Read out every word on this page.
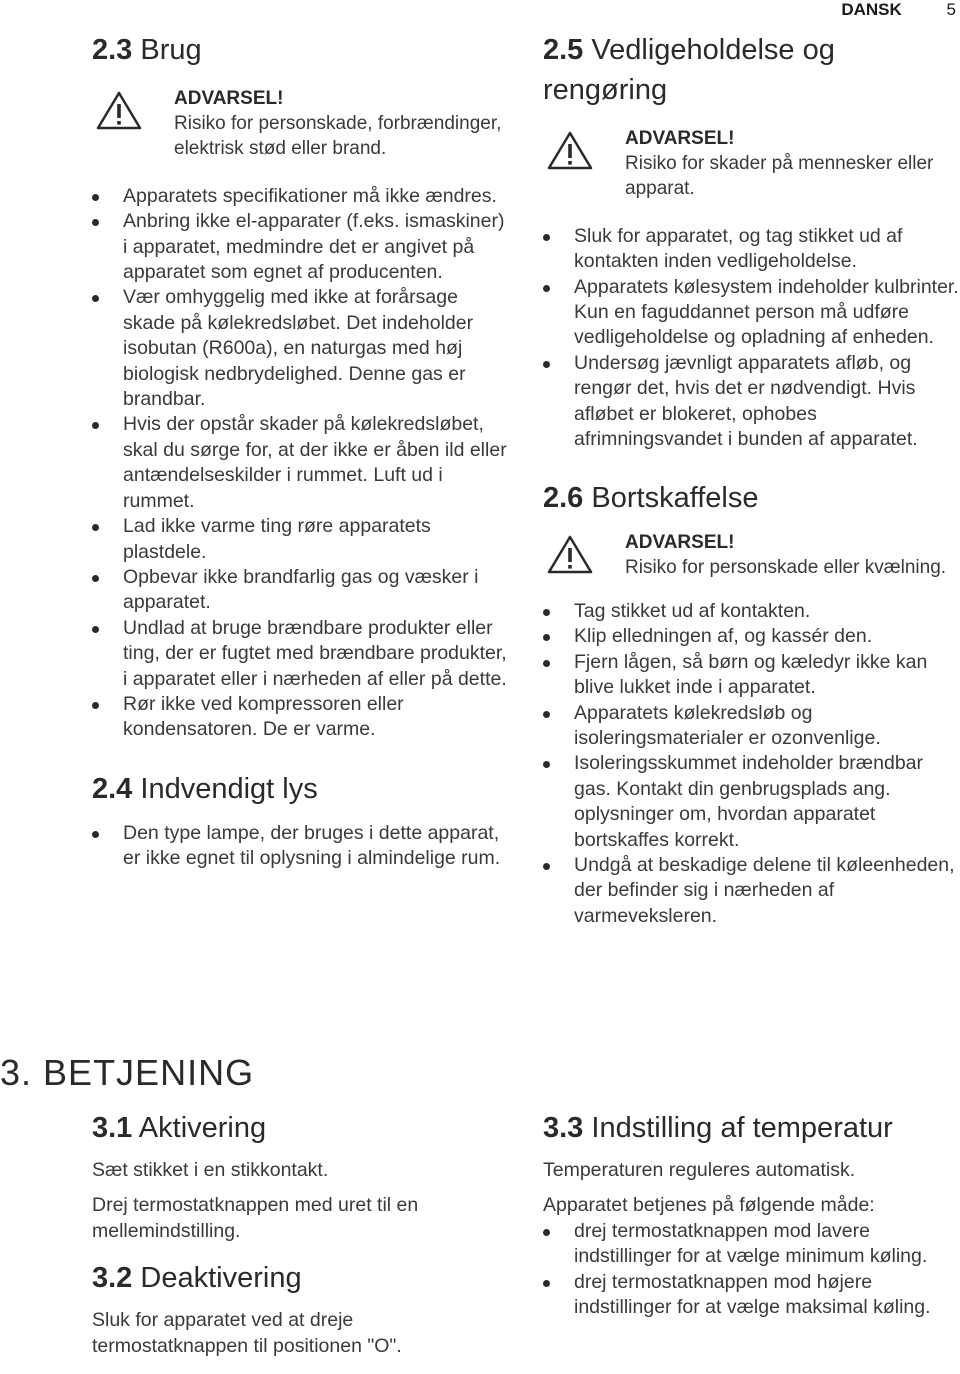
DANSK	5
2.3 Brug
ADVARSEL!
Risiko for personskade, forbrændinger, elektrisk stød eller brand.
Apparatets specifikationer må ikke ændres.
Anbring ikke el-apparater (f.eks. ismaskiner) i apparatet, medmindre det er angivet på apparatet som egnet af producenten.
Vær omhyggelig med ikke at forårsage skade på kølekredsløbet. Det indeholder isobutan (R600a), en naturgas med høj biologisk nedbrydelighed. Denne gas er brandbar.
Hvis der opstår skader på kølekredsløbet, skal du sørge for, at der ikke er åben ild eller antændelseskilder i rummet. Luft ud i rummet.
Lad ikke varme ting røre apparatets plastdele.
Opbevar ikke brandfarlig gas og væsker i apparatet.
Undlad at bruge brændbare produkter eller ting, der er fugtet med brændbare produkter, i apparatet eller i nærheden af eller på dette.
Rør ikke ved kompressoren eller kondensatoren. De er varme.
2.4 Indvendigt lys
Den type lampe, der bruges i dette apparat, er ikke egnet til oplysning i almindelige rum.
2.5 Vedligeholdelse og rengøring
ADVARSEL!
Risiko for skader på mennesker eller apparat.
Sluk for apparatet, og tag stikket ud af kontakten inden vedligeholdelse.
Apparatets kølesystem indeholder kulbrinter. Kun en faguddannet person må udføre vedligeholdelse og opladning af enheden.
Undersøg jævnligt apparatets afløb, og rengør det, hvis det er nødvendigt. Hvis afløbet er blokeret, ophobes afrimningsvandet i bunden af apparatet.
2.6 Bortskaffelse
ADVARSEL!
Risiko for personskade eller kvælning.
Tag stikket ud af kontakten.
Klip elledningen af, og kassér den.
Fjern lågen, så børn og kæledyr ikke kan blive lukket inde i apparatet.
Apparatets kølekredsløb og isoleringsmaterialer er ozonvenlige.
Isoleringsskummet indeholder brændbar gas. Kontakt din genbrugsplads ang. oplysninger om, hvordan apparatet bortskaffes korrekt.
Undgå at beskadige delene til køleenheden, der befinder sig i nærheden af varmeveksleren.
3. BETJENING
3.1 Aktivering

Sæt stikket i en stikkontakt.

Drej termostatknappen med uret til en mellemindstilling.

3.2 Deaktivering

Sluk for apparatet ved at dreje termostatknappen til positionen "O".

3.3 Indstilling af temperatur

Temperaturen reguleres automatisk.

Apparatet betjenes på følgende måde:

drej termostatknappen mod lavere indstillinger for at vælge minimum køling.
drej termostatknappen mod højere indstillinger for at vælge maksimal køling.
